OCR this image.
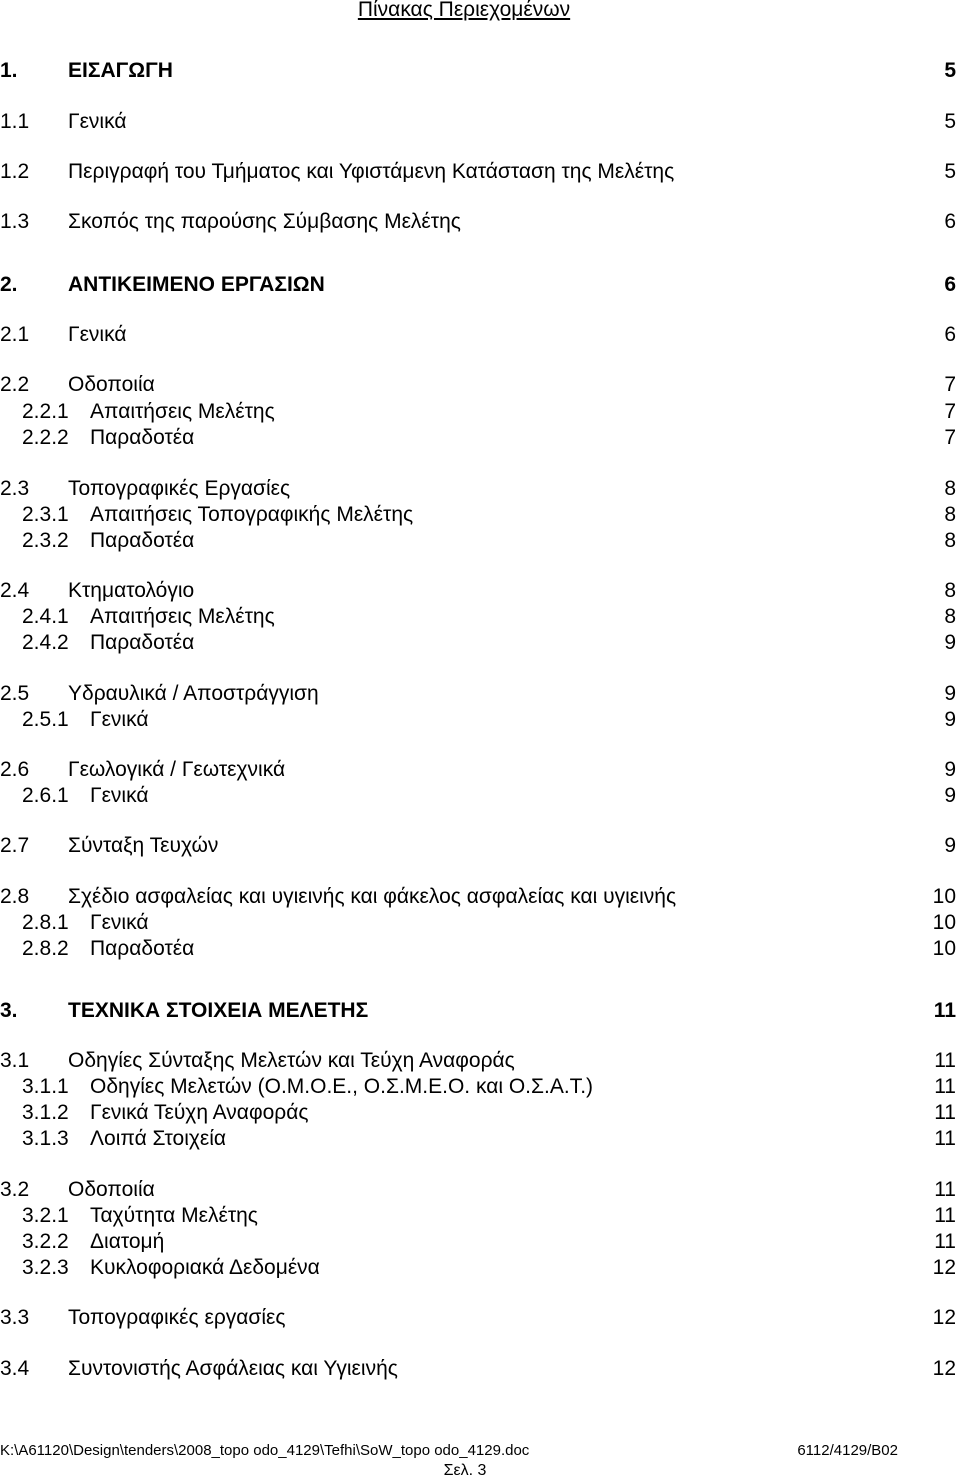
Πίνακας Περιεχομένων
1. ΕΙΣΑΓΩΓΗ	5
1.1 Γενικά	5
1.2 Περιγραφή του Τμήματος και Υφιστάμενη Κατάσταση της Μελέτης	5
1.3 Σκοπός της παρούσης Σύμβασης Μελέτης	6
2. ΑΝΤΙΚΕΙΜΕΝΟ ΕΡΓΑΣΙΩΝ	6
2.1 Γενικά	6
2.2 Οδοποιία	7
2.2.1 Απαιτήσεις Μελέτης	7
2.2.2 Παραδοτέα	7
2.3 Τοπογραφικές Εργασίες	8
2.3.1 Απαιτήσεις Τοπογραφικής Μελέτης	8
2.3.2 Παραδοτέα	8
2.4 Κτηματολόγιο	8
2.4.1 Απαιτήσεις Μελέτης	8
2.4.2 Παραδοτέα	9
2.5 Υδραυλικά / Αποστράγγιση	9
2.5.1 Γενικά	9
2.6 Γεωλογικά / Γεωτεχνικά	9
2.6.1 Γενικά	9
2.7 Σύνταξη Τευχών	9
2.8 Σχέδιο ασφαλείας και υγιεινής και φάκελος ασφαλείας και υγιεινής	10
2.8.1 Γενικά	10
2.8.2 Παραδοτέα	10
3. ΤΕΧΝΙΚΑ ΣΤΟΙΧΕΙΑ ΜΕΛΕΤΗΣ	11
3.1 Οδηγίες Σύνταξης Μελετών και Τεύχη Αναφοράς	11
3.1.1 Οδηγίες Μελετών (Ο.Μ.Ο.Ε., Ο.Σ.Μ.Ε.Ο. και Ο.Σ.Α.Τ.)	11
3.1.2 Γενικά Τεύχη Αναφοράς	11
3.1.3 Λοιπά Στοιχεία	11
3.2 Οδοποιία	11
3.2.1 Ταχύτητα Μελέτης	11
3.2.2 Διατομή	11
3.2.3 Κυκλοφοριακά Δεδομένα	12
3.3 Τοπογραφικές εργασίες	12
3.4 Συντονιστής Ασφάλειας και Υγιεινής	12
K:\A61120\Design\tenders\2008_topo odo_4129\Tefhi\SoW_topo odo_4129.doc	6112/4129/B02
Σελ. 3
